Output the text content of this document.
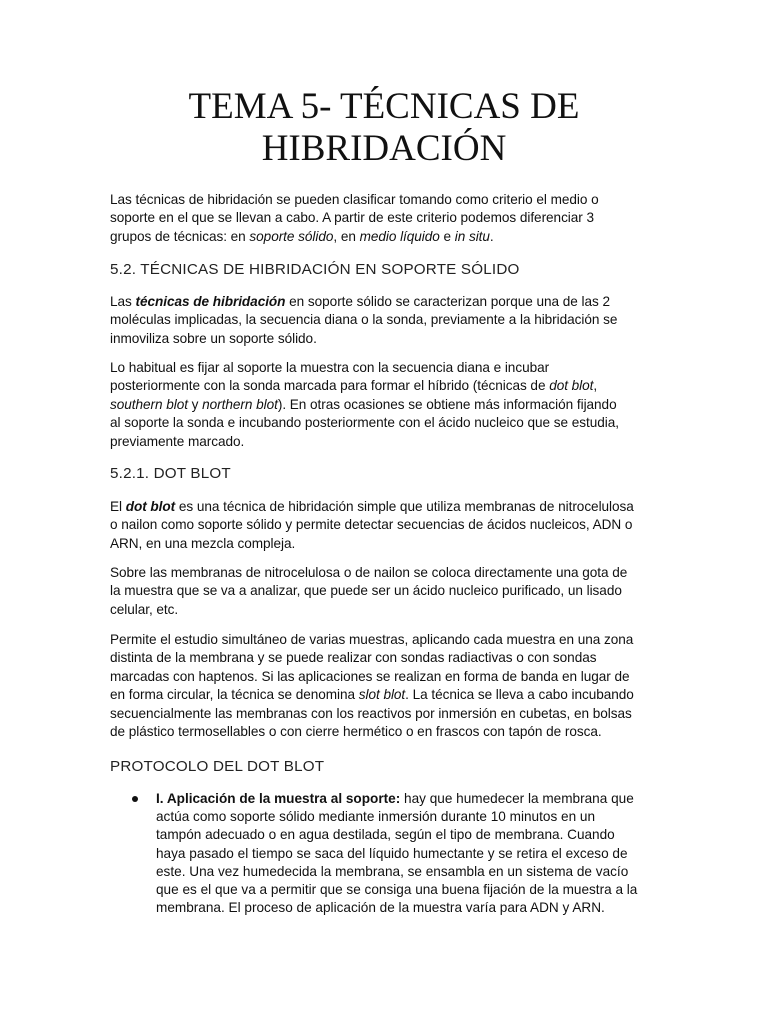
TEMA 5- TÉCNICAS DE
HIBRIDACIÓN

Las técnicas de hibridación se pueden clasificar tomando como criterio el medio o
soporte en el que se llevan a cabo. A partir de este criterio podemos diferenciar 3
grupos de técnicas: en soporte sólido, en medio líquido e in situ.

5.2. TÉCNICAS DE HIBRIDACIÓN EN SOPORTE SÓLIDO

Las técnicas de hibridación en soporte sólido se caracterizan porque una de las 2
moléculas implicadas, la secuencia diana o la sonda, previamente a la hibridación se
inmoviliza sobre un soporte sólido.

Lo habitual es fijar al soporte la muestra con la secuencia diana e incubar
posteriormente con la sonda marcada para formar el híbrido (técnicas de dot blot,
southern blot y northern blot). En otras ocasiones se obtiene más información fijando
al soporte la sonda e incubando posteriormente con el ácido nucleico que se estudia,
previamente marcado.

5.2.1. DOT BLOT

El dot blot es una técnica de hibridación simple que utiliza membranas de nitrocelulosa
o nailon como soporte sólido y permite detectar secuencias de ácidos nucleicos, ADN o
ARN, en una mezcla compleja.

Sobre las membranas de nitrocelulosa o de nailon se coloca directamente una gota de
la muestra que se va a analizar, que puede ser un ácido nucleico purificado, un lisado
celular, etc.

Permite el estudio simultáneo de varias muestras, aplicando cada muestra en una zona
distinta de la membrana y se puede realizar con sondas radiactivas o con sondas
marcadas con haptenos. Si las aplicaciones se realizan en forma de banda en lugar de
en forma circular, la técnica se denomina slot blot. La técnica se lleva a cabo incubando
secuencialmente las membranas con los reactivos por inmersión en cubetas, en bolsas
de plástico termosellables o con cierre hermético o en frascos con tapón de rosca.

PROTOCOLO DEL DOT BLOT
I. Aplicación de la muestra al soporte: hay que humedecer la membrana que
actúa como soporte sólido mediante inmersión durante 10 minutos en un
tampón adecuado o en agua destilada, según el tipo de membrana. Cuando
haya pasado el tiempo se saca del líquido humectante y se retira el exceso de
este. Una vez humedecida la membrana, se ensambla en un sistema de vacío
que es el que va a permitir que se consiga una buena fijación de la muestra a la
membrana. El proceso de aplicación de la muestra varía para ADN y ARN.
